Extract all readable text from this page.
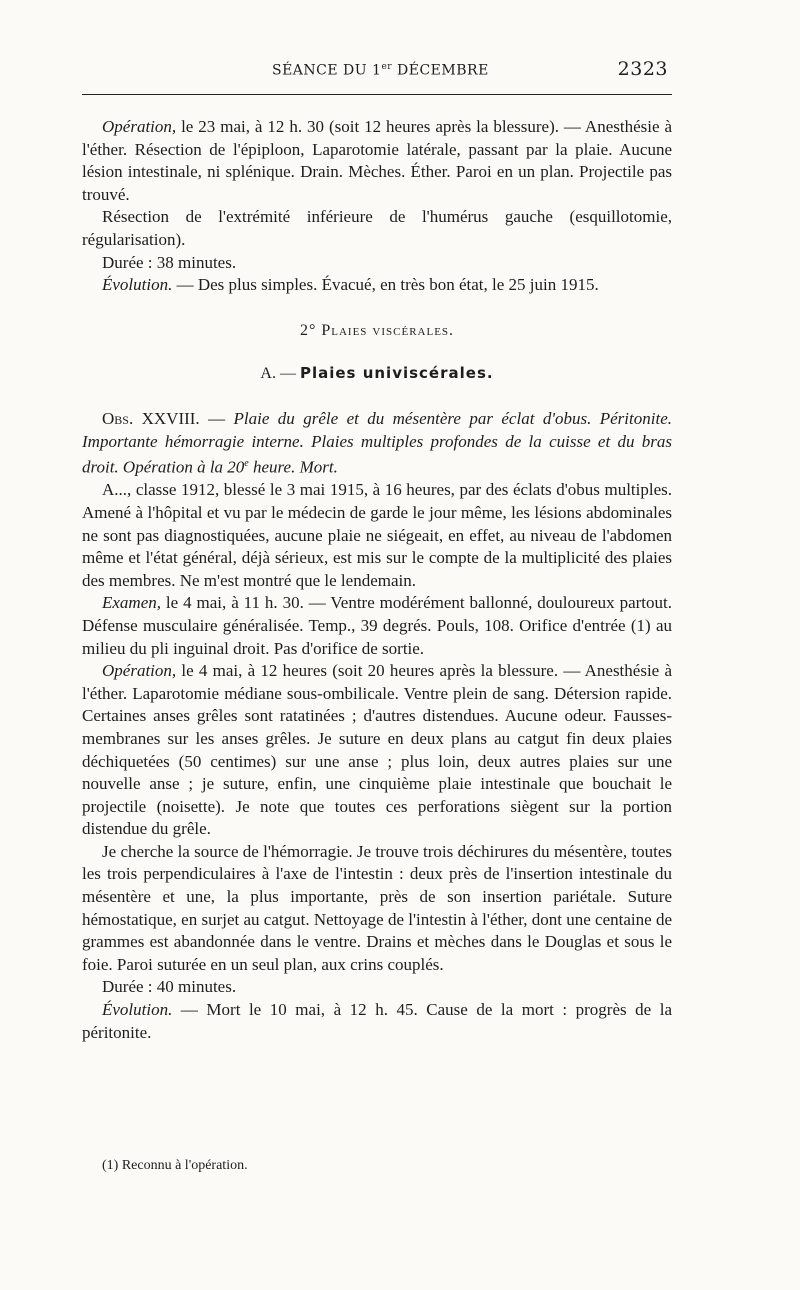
SÉANCE DU 1er DÉCEMBRE	2323

Opération, le 23 mai, à 12 h. 30 (soit 12 heures après la blessure). — Anesthésie à l'éther. Résection de l'épiploon, Laparotomie latérale, passant par la plaie. Aucune lésion intestinale, ni splénique. Drain. Mèches. Éther. Paroi en un plan. Projectile pas trouvé.

Résection de l'extrémité inférieure de l'humérus gauche (esquillotomie, régularisation).

Durée : 38 minutes.

Évolution. — Des plus simples. Évacué, en très bon état, le 25 juin 1915.

2° Plaies viscérales.

A. — Plaies univiscérales.

Obs. XXVIII. — Plaie du grêle et du mésentère par éclat d'obus. Péritonite. Importante hémorragie interne. Plaies multiples profondes de la cuisse et du bras droit. Opération à la 20e heure. Mort.

A..., classe 1912, blessé le 3 mai 1915, à 16 heures, par des éclats d'obus multiples. Amené à l'hôpital et vu par le médecin de garde le jour même, les lésions abdominales ne sont pas diagnostiquées, aucune plaie ne siégeait, en effet, au niveau de l'abdomen même et l'état général, déjà sérieux, est mis sur le compte de la multiplicité des plaies des membres. Ne m'est montré que le lendemain.

Examen, le 4 mai, à 11 h. 30. — Ventre modérément ballonné, douloureux partout. Défense musculaire généralisée. Temp., 39 degrés. Pouls, 108. Orifice d'entrée (1) au milieu du pli inguinal droit. Pas d'orifice de sortie.

Opération, le 4 mai, à 12 heures (soit 20 heures après la blessure. — Anesthésie à l'éther. Laparotomie médiane sous-ombilicale. Ventre plein de sang. Détersion rapide. Certaines anses grêles sont ratatinées ; d'autres distendues. Aucune odeur. Fausses-membranes sur les anses grêles. Je suture en deux plans au catgut fin deux plaies déchiquetées (50 centimes) sur une anse ; plus loin, deux autres plaies sur une nouvelle anse ; je suture, enfin, une cinquième plaie intestinale que bouchait le projectile (noisette). Je note que toutes ces perforations siègent sur la portion distendue du grêle.

Je cherche la source de l'hémorragie. Je trouve trois déchirures du mésentère, toutes les trois perpendiculaires à l'axe de l'intestin : deux près de l'insertion intestinale du mésentère et une, la plus importante, près de son insertion pariétale. Suture hémostatique, en surjet au catgut. Nettoyage de l'intestin à l'éther, dont une centaine de grammes est abandonnée dans le ventre. Drains et mèches dans le Douglas et sous le foie. Paroi suturée en un seul plan, aux crins couplés.

Durée : 40 minutes.

Évolution. — Mort le 10 mai, à 12 h. 45. Cause de la mort : progrès de la péritonite.

(1) Reconnu à l'opération.
